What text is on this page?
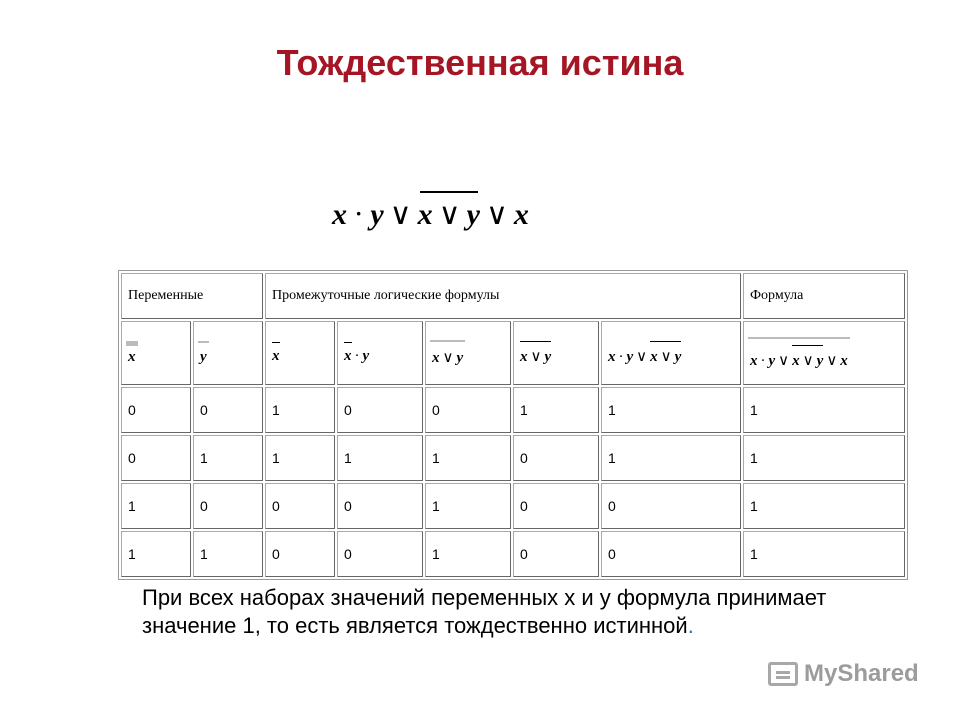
Тождественная истина
x · y ∨ x ∨ y ∨ x
Переменные		Промежуточные логические формулы					Формула
x	y	x	x · y	x ∨ y	x ∨ y	x · y ∨ x ∨ y	x · y ∨ x ∨ y ∨ x
0	0	1	0	0	1	1	1
0	1	1	1	1	0	1	1
1	0	0	0	1	0	0	1
1	1	0	0	1	0	0	1
При всех наборах значений переменных x и y формула принимает значение 1, то есть является тождественно истинной.
MyShared
